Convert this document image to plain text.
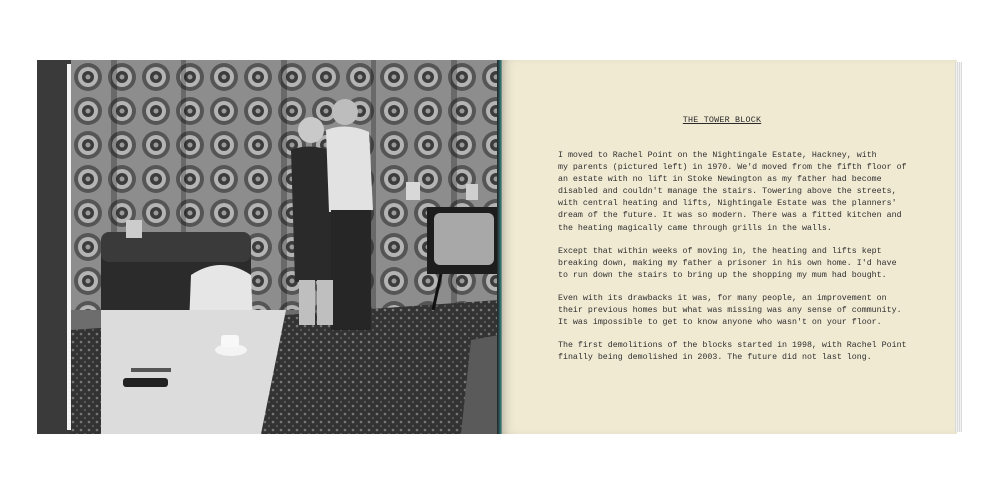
THE TOWER BLOCK

I moved to Rachel Point on the Nightingale Estate, Hackney, with
my parents (pictured left) in 1970. We'd moved from the fifth floor of
an estate with no lift in Stoke Newington as my father had become
disabled and couldn't manage the stairs. Towering above the streets,
with central heating and lifts, Nightingale Estate was the planners'
dream of the future. It was so modern. There was a fitted kitchen and
the heating magically came through grills in the walls.

Except that within weeks of moving in, the heating and lifts kept
breaking down, making my father a prisoner in his own home. I'd have
to run down the stairs to bring up the shopping my mum had bought.

Even with its drawbacks it was, for many people, an improvement on
their previous homes but what was missing was any sense of community.
It was impossible to get to know anyone who wasn't on your floor.

The first demolitions of the blocks started in 1998, with Rachel Point
finally being demolished in 2003. The future did not last long.
